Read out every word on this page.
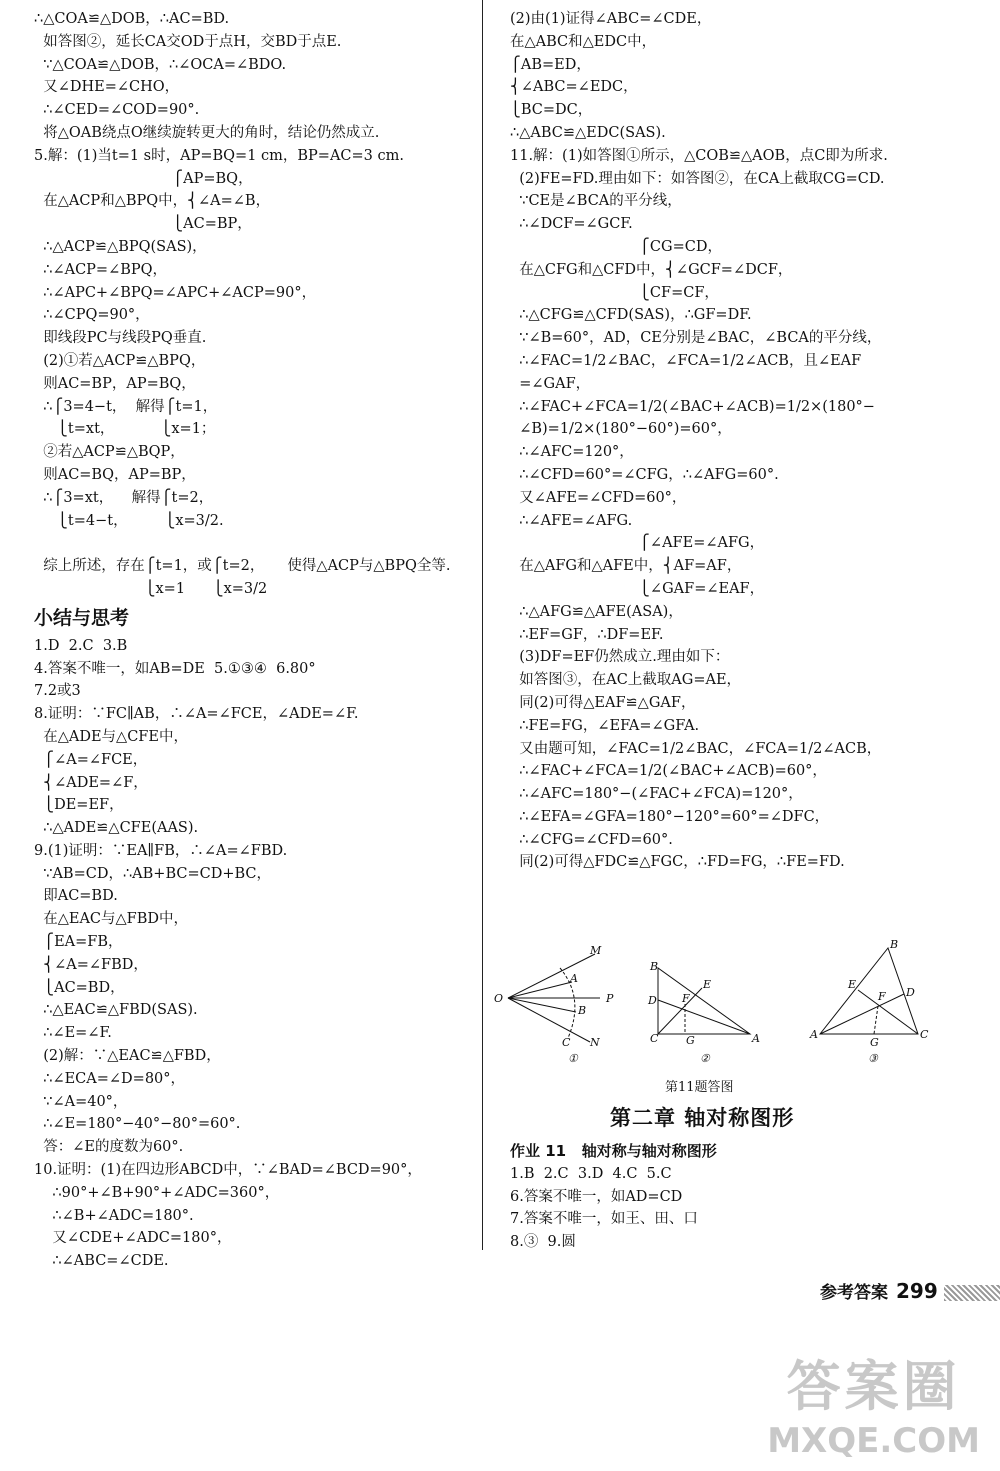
∴△COA≌△DOB，∴AC=BD.
如答图②，延长CA交OD于点H，交BD于点E.
∵△COA≌△DOB，∴∠OCA=∠BDO.
又∠DHE=∠CHO，
∴∠CED=∠COD=90°.
将△OAB绕点O继续旋转更大的角时，结论仍然成立.
5.解：(1)当t=1 s时，AP=BQ=1 cm，BP=AC=3 cm.
⎧AP=BQ，
在△ACP和△BPQ中，⎨∠A=∠B，
⎩AC=BP，
∴△ACP≌△BPQ(SAS)，
∴∠ACP=∠BPQ，
∴∠APC+∠BPQ=∠APC+∠ACP=90°，
∴∠CPQ=90°，
即线段PC与线段PQ垂直.
(2)①若△ACP≌△BPQ，
则AC=BP，AP=BQ，
∴⎧3=4−t，  解得⎧t=1，
⎩t=xt，          ⎩x=1；
②若△ACP≌△BQP，
则AC=BQ，AP=BP，
∴⎧3=xt，    解得⎧t=2，
⎩t=4−t，        ⎩x=3/2.
综上所述，存在⎧t=1，或⎧t=2，     使得△ACP与△BPQ全等.
⎩x=1      ⎩x=3/2
小结与思考
1.D  2.C  3.B
4.答案不唯一，如AB=DE  5.①③④  6.80°
7.2或3
8.证明：∵FC∥AB，∴∠A=∠FCE，∠ADE=∠F.
在△ADE与△CFE中，
⎧∠A=∠FCE，
⎨∠ADE=∠F，
⎩DE=EF，
∴△ADE≌△CFE(AAS).
9.(1)证明：∵EA∥FB，∴∠A=∠FBD.
∵AB=CD，∴AB+BC=CD+BC，
即AC=BD.
在△EAC与△FBD中，
⎧EA=FB，
⎨∠A=∠FBD，
⎩AC=BD，
∴△EAC≌△FBD(SAS).
∴∠E=∠F.
(2)解：∵△EAC≌△FBD，
∴∠ECA=∠D=80°，
∵∠A=40°，
∴∠E=180°−40°−80°=60°.
答：∠E的度数为60°.
10.证明：(1)在四边形ABCD中，∵∠BAD=∠BCD=90°，
∴90°+∠B+90°+∠ADC=360°，
∴∠B+∠ADC=180°.
又∠CDE+∠ADC=180°，
∴∠ABC=∠CDE.
(2)由(1)证得∠ABC=∠CDE，
在△ABC和△EDC中，
⎧AB=ED，
⎨∠ABC=∠EDC，
⎩BC=DC，
∴△ABC≌△EDC(SAS).
11.解：(1)如答图①所示，△COB≌△AOB，点C即为所求.
(2)FE=FD.理由如下：如答图②，在CA上截取CG=CD.
∵CE是∠BCA的平分线，
∴∠DCF=∠GCF.
⎧CG=CD，
在△CFG和△CFD中，⎨∠GCF=∠DCF，
⎩CF=CF，
∴△CFG≌△CFD(SAS)，∴GF=DF.
∵∠B=60°，AD，CE分别是∠BAC，∠BCA的平分线，
∴∠FAC=1/2∠BAC，∠FCA=1/2∠ACB，且∠EAF
=∠GAF，
∴∠FAC+∠FCA=1/2(∠BAC+∠ACB)=1/2×(180°−
∠B)=1/2×(180°−60°)=60°，
∴∠AFC=120°，
∴∠CFD=60°=∠CFG，∴∠AFG=60°.
又∠AFE=∠CFD=60°，
∴∠AFE=∠AFG.
⎧∠AFE=∠AFG，
在△AFG和△AFE中，⎨AF=AF，
⎩∠GAF=∠EAF，
∴△AFG≌△AFE(ASA)，
∴EF=GF，∴DF=EF.
(3)DF=EF仍然成立.理由如下：
如答图③，在AC上截取AG=AE，
同(2)可得△EAF≌△GAF，
∴FE=FG，∠EFA=∠GFA.
又由题可知，∠FAC=1/2∠BAC，∠FCA=1/2∠ACB，
∴∠FAC+∠FCA=1/2(∠BAC+∠ACB)=60°，
∴∠AFC=180°−(∠FAC+∠FCA)=120°，
∴∠EFA=∠GFA=180°−120°=60°=∠DFC，
∴∠CFG=∠CFD=60°.
同(2)可得△FDC≌△FGC，∴FD=FG，∴FE=FD.
M
A
O	P
B
C N
①
B
E
D F
C	G	A
②
B
E
F D
A
G
C
③
第11题答图
第二章 轴对称图形
作业 11   轴对称与轴对称图形
1.B  2.C  3.D  4.C  5.C
6.答案不唯一，如AD=CD
7.答案不唯一，如王、田、口
8.③  9.圆
参考答案 299
答案圈
MXQE.COM
